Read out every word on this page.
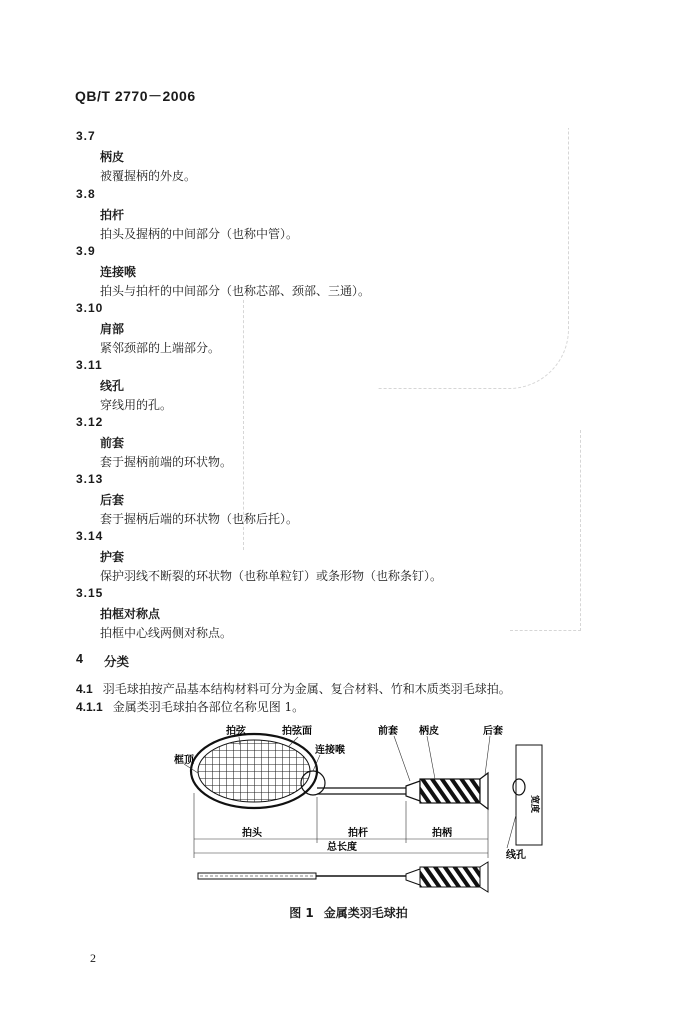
QB/T 2770－2006
3.7
柄皮
被覆握柄的外皮。
3.8
拍杆
拍头及握柄的中间部分（也称中管）。
3.9
连接喉
拍头与拍杆的中间部分（也称芯部、颈部、三通）。
3.10
肩部
紧邻颈部的上端部分。
3.11
线孔
穿线用的孔。
3.12
前套
套于握柄前端的环状物。
3.13
后套
套于握柄后端的环状物（也称后托）。
3.14
护套
保护羽线不断裂的环状物（也称单粒钉）或条形物（也称条钉）。
3.15
拍框对称点
拍框中心线两侧对称点。
4 分类
4.1 羽毛球拍按产品基本结构材料可分为金属、复合材料、竹和木质类羽毛球拍。
4.1.1 金属类羽毛球拍各部位名称见图 1。
拍弦	拍弦面
框顶
连接喉
前套 柄皮	后套
拍头	拍杆	拍柄
总长度
宽度
线孔
图 1 金属类羽毛球拍
2
